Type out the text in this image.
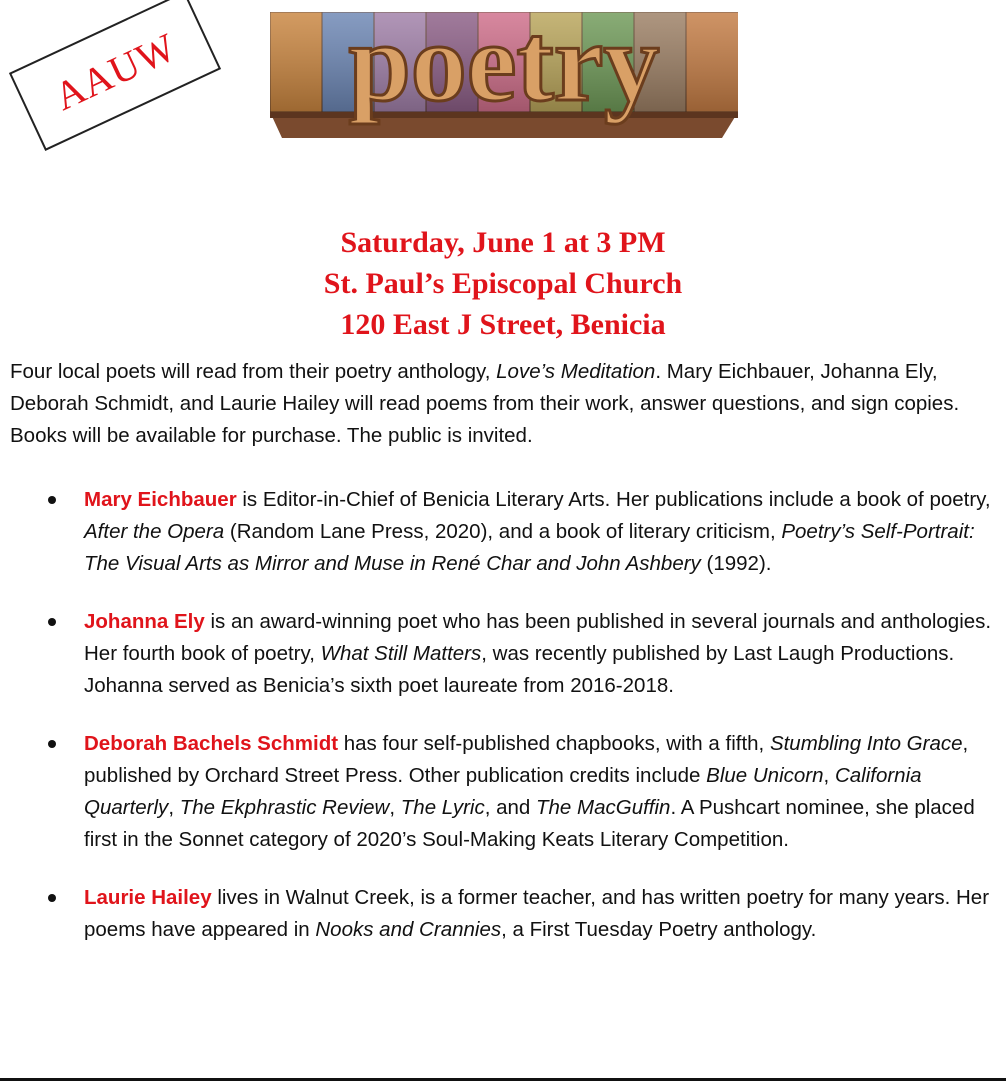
AAUW poetry
Saturday, June 1 at 3 PM
St. Paul’s Episcopal Church
120 East J Street, Benicia

Four local poets will read from their poetry anthology, Love’s Meditation. Mary Eichbauer, Johanna Ely, Deborah Schmidt, and Laurie Hailey will read poems from their work, answer questions, and sign copies. Books will be available for purchase. The public is invited.

Mary Eichbauer is Editor-in-Chief of Benicia Literary Arts. Her publications include a book of poetry, After the Opera (Random Lane Press, 2020), and a book of literary criticism, Poetry’s Self-Portrait: The Visual Arts as Mirror and Muse in René Char and John Ashbery (1992).
Johanna Ely is an award-winning poet who has been published in several journals and anthologies. Her fourth book of poetry, What Still Matters, was recently published by Last Laugh Productions. Johanna served as Benicia’s sixth poet laureate from 2016-2018.
Deborah Bachels Schmidt has four self-published chapbooks, with a fifth, Stumbling Into Grace, published by Orchard Street Press. Other publication credits include Blue Unicorn, California Quarterly, The Ekphrastic Review, The Lyric, and The MacGuffin. A Pushcart nominee, she placed first in the Sonnet category of 2020’s Soul-Making Keats Literary Competition.
Laurie Hailey lives in Walnut Creek, is a former teacher, and has written poetry for many years. Her poems have appeared in Nooks and Crannies, a First Tuesday Poetry anthology.
